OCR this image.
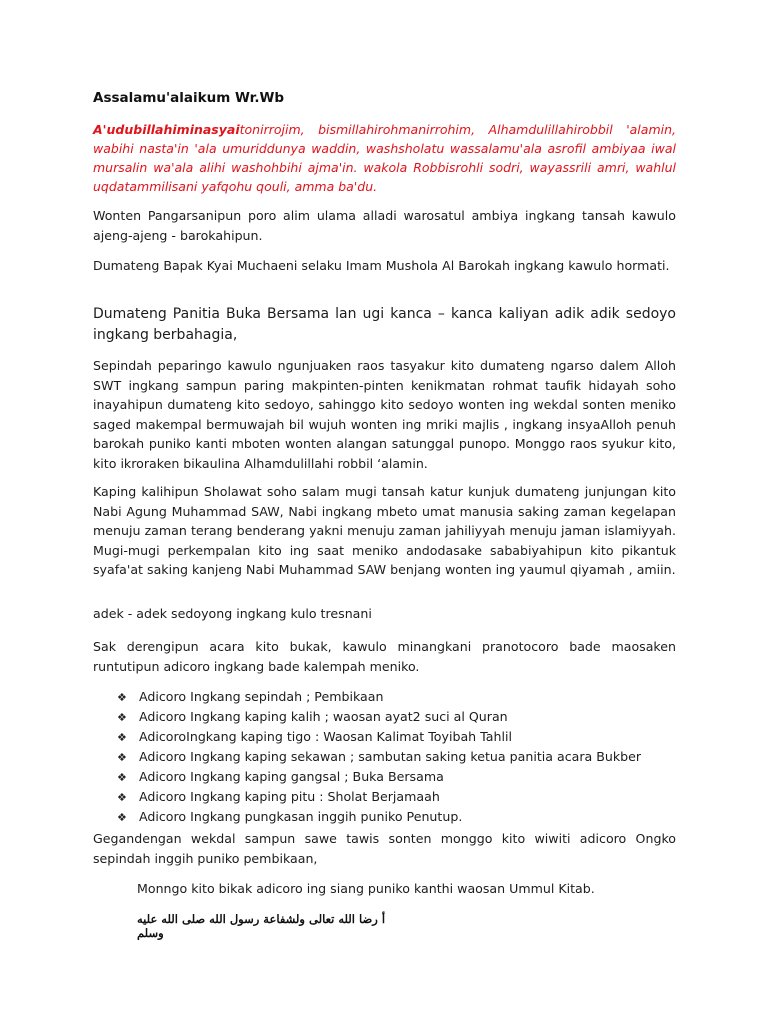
Assalamu'alaikum Wr.Wb
A'udubillahiminasyaitonirrojim, bismillahirohmanirrohim, Alhamdulillahirobbil 'alamin, wabihi nasta'in 'ala umuriddunya waddin, washsholatu wassalamu'ala asrofil ambiyaa iwal mursalin wa'ala alihi washohbihi ajma'in. wakola Robbisrohli sodri, wayassrili amri, wahlul uqdatammilisani yafqohu qouli, amma ba'du.
Wonten Pangarsanipun poro alim ulama alladi warosatul ambiya ingkang tansah kawulo ajeng-ajeng - barokahipun.
Dumateng Bapak Kyai Muchaeni selaku Imam Mushola Al Barokah ingkang kawulo hormati.
Dumateng Panitia Buka Bersama lan ugi kanca – kanca kaliyan adik adik sedoyo ingkang berbahagia,
Sepindah peparingo kawulo ngunjuaken raos tasyakur kito dumateng ngarso dalem Alloh SWT ingkang sampun paring makpinten-pinten kenikmatan rohmat taufik hidayah soho inayahipun dumateng kito sedoyo, sahinggo kito sedoyo wonten ing wekdal sonten meniko saged makempal bermuwajah bil wujuh wonten ing mriki majlis , ingkang insyaAlloh penuh barokah puniko kanti mboten wonten alangan satunggal punopo. Monggo raos syukur kito, kito ikroraken bikaulina Alhamdulillahi robbil ‘alamin.
Kaping kalihipun Sholawat soho salam mugi tansah katur kunjuk dumateng junjungan kito Nabi Agung Muhammad SAW, Nabi ingkang mbeto umat manusia saking zaman kegelapan menuju zaman terang benderang yakni menuju zaman jahiliyyah menuju jaman islamiyyah. Mugi-mugi perkempalan kito ing saat meniko andodasake sababiyahipun kito pikantuk syafa'at saking kanjeng Nabi Muhammad SAW benjang wonten ing yaumul qiyamah , amiin.
adek - adek sedoyong ingkang kulo tresnani
Sak derengipun acara kito bukak, kawulo minangkani pranotocoro bade maosaken runtutipun adicoro ingkang bade kalempah meniko.
❖ Adicoro Ingkang sepindah ; Pembikaan
❖ Adicoro Ingkang kaping kalih ; waosan ayat2 suci al Quran
❖ AdicoroIngkang kaping tigo : Waosan Kalimat Toyibah Tahlil
❖ Adicoro Ingkang kaping sekawan ; sambutan saking ketua panitia acara Bukber
❖ Adicoro Ingkang kaping gangsal ; Buka Bersama
❖ Adicoro Ingkang kaping pitu : Sholat Berjamaah
❖ Adicoro Ingkang pungkasan inggih puniko Penutup.
Gegandengan wekdal sampun sawe tawis sonten monggo kito wiwiti adicoro Ongko sepindah inggih puniko pembikaan,
Monngo kito bikak adicoro ing siang puniko kanthi waosan Ummul Kitab.
أ رضا الله تعالى ولشفاعة رسول الله صلى الله عليه وسلم
